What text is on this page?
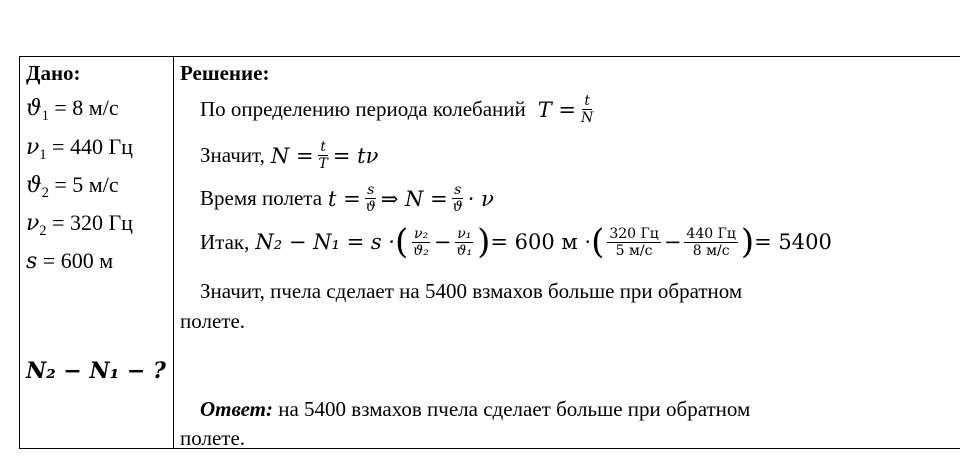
Дано:
$ϑ_1 = 8$ м/с
$\nu_1 = 440$ Гц
$ϑ_2 = 5$ м/с
$\nu_2 = 320$ Гц
s = 600 м
N₂ − N₁ − ?
Решение:
По определению периода колебаний $T = \frac{t}{N}$
Значит, $N = \frac{t}{T} = t\nu$
Время полета $t = \frac{s}{ϑ}$ ⇒ $N = \frac{s}{ϑ} \cdot \nu$
Итак, N₂ − N₁ = s · ( $\frac{\text{ν₂}}{\text{ϑ₂}} - \frac{\text{ν₁}}{\text{ϑ₁}}$ ) = 600 м · ( $\frac{320 Гц}{5 м/с} - \frac{440 Гц}{8 м/с}$ ) = 5400
Значит, пчела сделает на 5400 взмахов больше при обратном
полете.
Ответ: на 5400 взмахов пчела сделает больше при обратном
полете.
